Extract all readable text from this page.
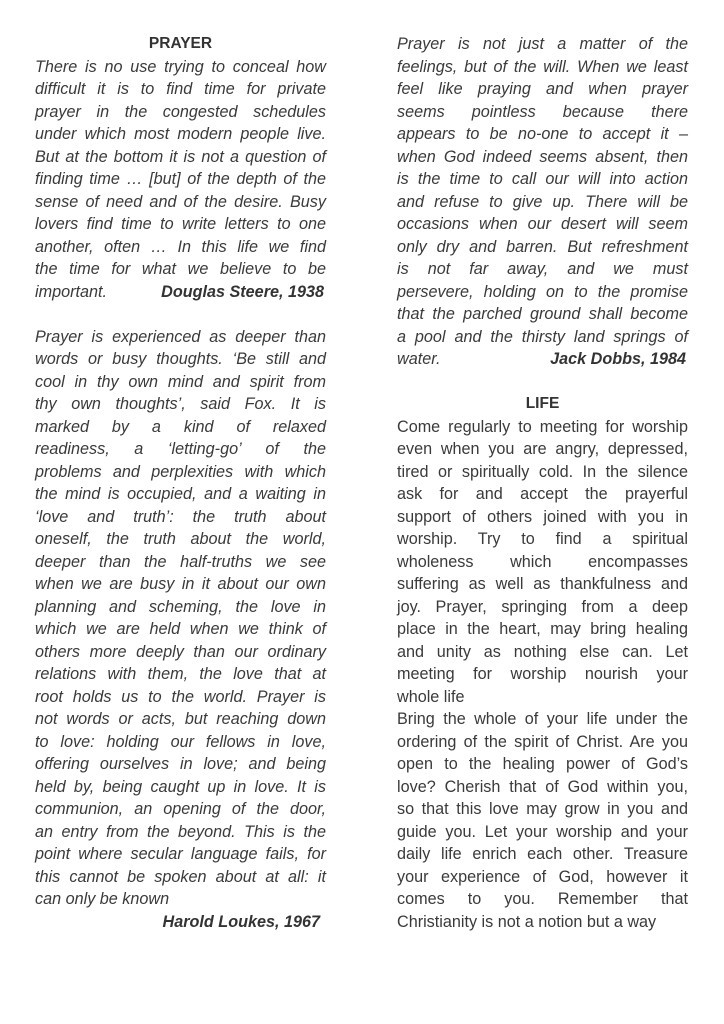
PRAYER
There is no use trying to conceal how
difficult it is to find time for private
prayer in the congested schedules
under which most modern people live.
But at the bottom it is not a question of
finding time … [but] of the depth of the
sense of need and of the desire. Busy
lovers find time to write letters to one
another, often … In this life we find
the time for what we believe to be
important.	Douglas Steere, 1938
Prayer is experienced as deeper than
words or busy thoughts. ‘Be still and
cool in thy own mind and spirit from
thy own thoughts’, said Fox. It is
marked by a kind of relaxed
readiness, a ‘letting-go’ of the
problems and perplexities with which
the mind is occupied, and a waiting in
‘love and truth’: the truth about
oneself, the truth about the world,
deeper than the half-truths we see
when we are busy in it about our own
planning and scheming, the love in
which we are held when we think of
others more deeply than our ordinary
relations with them, the love that at
root holds us to the world. Prayer is
not words or acts, but reaching down
to love: holding our fellows in love,
offering ourselves in love; and being
held by, being caught up in love. It is
communion, an opening of the door,
an entry from the beyond. This is the
point where secular language fails, for
this cannot be spoken about at all: it
can only be known
Harold Loukes, 1967
Prayer is not just a matter of the
feelings, but of the will. When we least
feel like praying and when prayer
seems pointless because there
appears to be no-one to accept it –
when God indeed seems absent, then
is the time to call our will into action
and refuse to give up. There will be
occasions when our desert will seem
only dry and barren. But refreshment
is not far away, and we must
persevere, holding on to the promise
that the parched ground shall become
a pool and the thirsty land springs of
water.	Jack Dobbs, 1984
LIFE
Come regularly to meeting for worship
even when you are angry, depressed,
tired or spiritually cold. In the silence
ask for and accept the prayerful
support of others joined with you in
worship. Try to find a spiritual
wholeness which encompasses
suffering as well as thankfulness and
joy. Prayer, springing from a deep
place in the heart, may bring healing
and unity as nothing else can. Let
meeting for worship nourish your
whole life
Bring the whole of your life under the
ordering of the spirit of Christ. Are you
open to the healing power of God’s
love? Cherish that of God within you,
so that this love may grow in you and
guide you. Let your worship and your
daily life enrich each other. Treasure
your experience of God, however it
comes to you. Remember that
Christianity is not a notion but a way
